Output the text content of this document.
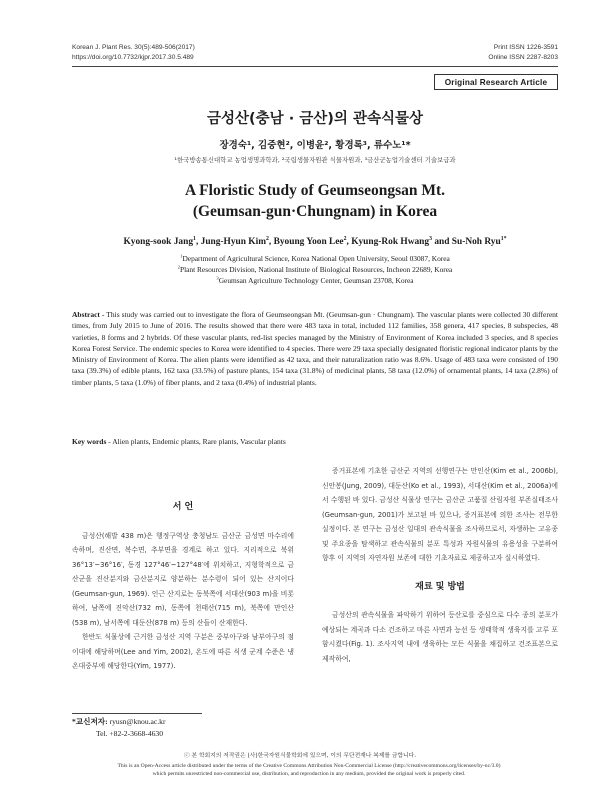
Korean J. Plant Res. 30(5):489-506(2017)
https://doi.org/10.7732/kjpr.2017.30.5.489
Print ISSN 1226-3591
Online ISSN 2287-8203
Original Research Article
금성산(충남 · 금산)의 관속식물상
장경숙¹, 김중현², 이병윤², 황경록³, 류수노¹*
¹한국방송통신대학교 농업생명과학과, ²국립생물자원관 식물자원과, ³금산군농업기술센터 기술보급과
A Floristic Study of Geumseongsan Mt.
(Geumsan-gun·Chungnam) in Korea
Kyong-sook Jang$^1$, Jung-Hyun Kim$^2$, Byoung Yoon Lee$^2$, Kyung-Rok Hwang$^3$ and Su-Noh Ryu$^{1*}$
$^1$Department of Agricultural Science, Korea National Open University, Seoul 03087, Korea
$^2$Plant Resources Division, National Institute of Biological Resources, Incheon 22689, Korea
$^3$Geumsan Agriculture Technology Center, Geumsan 23708, Korea
Abstract - This study was carried out to investigate the flora of Geumseongsan Mt. (Geumsan-gun · Chungnam). The vascular plants were collected 30 different times, from July 2015 to June of 2016. The results showed that there were 483 taxa in total, included 112 families, 358 genera, 417 species, 8 subspecies, 48 varieties, 8 forms and 2 hybrids. Of these vascular plants, red-list species managed by the Ministry of Environment of Korea included 3 species, and 8 species Korea Forest Service. The endemic species to Korea were identified to 4 species. There were 29 taxa specially designated floristic regional indicator plants by the Ministry of Environment of Korea. The alien plants were identified as 42 taxa, and their naturalization ratio was 8.6%. Usage of 483 taxa were consisted of 190 taxa (39.3%) of edible plants, 162 taxa (33.5%) of pasture plants, 154 taxa (31.8%) of medicinal plants, 58 taxa (12.0%) of ornamental plants, 14 taxa (2.8%) of timber plants, 5 taxa (1.0%) of fiber plants, and 2 taxa (0.4%) of industrial plants.
Key words - Alien plants, Endemic plants, Rare plants, Vascular plants
서 언

금성산(해발 438 m)은 행정구역상 충청남도 금산군 금성면 마수리에 속하며, 진산면, 복수면, 추부면을 경계로 하고 있다. 지리적으로 북위 36°13′~36°16′, 동경 127°46′~127°48′에 위치하고, 지형학적으로 금산군을 진산분지와 금산분지로 양분하는 분수령이 되어 있는 산지이다(Geumsan-gun, 1969). 인근 산지로는 동북쪽에 서대산(903 m)을 비롯하여, 남쪽에 진악산(732 m), 동쪽에 천태산(715 m), 북쪽에 만인산(538 m), 남서쪽에 대둔산(878 m) 등의 산들이 산재한다.

한반도 식물상에 근거한 금성산 지역 구분은 중부아구와 남부아구의 점이대에 해당하며(Lee and Yim, 2002), 온도에 따른 식생 군계 수준은 냉온대중부에 해당한다(Yim, 1977).

증거표본에 기초한 금산군 지역의 선행연구는 만인산(Kim et al., 2006b), 신안봉(Jung, 2009), 대둔산(Ko et al., 1993), 서대산(Kim et al., 2006a)에서 수행된 바 있다. 금성산 식물상 연구는 금산군 고품질 산림자원 부존실태조사(Geumsan-gun, 2001)가 보고된 바 있으나, 증거표본에 의한 조사는 전무한 실정이다. 본 연구는 금성산 일대의 관속식물을 조사하므로서, 자생하는 고유종 및 주요종을 탐색하고 관속식물의 분포 특성과 자원식물의 유용성을 구분하여 향후 이 지역의 자연자원 보존에 대한 기초자료로 제공하고자 실시하였다.

재료 및 방법

금성산의 관속식물을 파악하기 위하여 등산로를 중심으로 다수 종의 분포가 예상되는 계곡과 다소 건조하고 마른 사면과 능선 등 생태학적 생육지를 고루 포함시켰다(Fig. 1). 조사지역 내에 생육하는 모든 식물을 채집하고 건조표본으로 제작하여,

*교신저자: ryusn@knou.ac.kr
Tel. +82-2-3668-4630
ⓒ 본 학회지의 저작권은 (사)한국자원식물학회에 있으며, 이의 무단전재나 복제를 금합니다.
This is an Open-Access article distributed under the terms of the Creative Commons Attribution Non-Commercial License (http://creativecommons.org/licenses/by-nc/3.0)
which permits unrestricted non-commercial use, distribution, and reproduction in any medium, provided the original work is properly cited.
